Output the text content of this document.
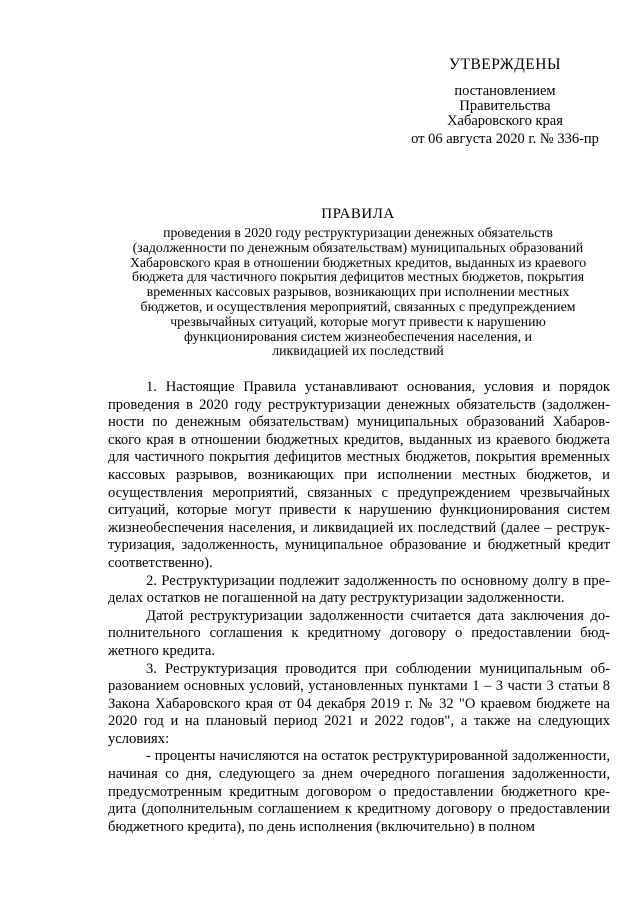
УТВЕРЖДЕНЫ
постановлением
Правительства
Хабаровского края
от 06 августа 2020 г. № 336-пр
ПРАВИЛА
проведения в 2020 году реструктуризации денежных обязательств
(задолженности по денежным обязательствам) муниципальных образований
Хабаровского края в отношении бюджетных кредитов, выданных из краевого
бюджета для частичного покрытия дефицитов местных бюджетов, покрытия
временных кассовых разрывов, возникающих при исполнении местных
бюджетов, и осуществления мероприятий, связанных с предупреждением
чрезвычайных ситуаций, которые могут привести к нарушению
функционирования систем жизнеобеспечения населения, и
ликвидацией их последствий

1. Настоящие Правила устанавливают основания, условия и порядок проведения в 2020 году реструктуризации денежных обязательств (задолженности по денежным обязательствам) муниципальных образований Хабаровского края в отношении бюджетных кредитов, выданных из краевого бюджета для частичного покрытия дефицитов местных бюджетов, покрытия временных кассовых разрывов, возникающих при исполнении местных бюджетов, и осуществления мероприятий, связанных с предупреждением чрезвычайных ситуаций, которые могут привести к нарушению функционирования систем жизнеобеспечения населения, и ликвидацией их последствий (далее – реструктуризация, задолженность, муниципальное образование и бюджетный кредит соответственно).

2. Реструктуризации подлежит задолженность по основному долгу в пределах остатков не погашенной на дату реструктуризации задолженности.

Датой реструктуризации задолженности считается дата заключения дополнительного соглашения к кредитному договору о предоставлении бюджетного кредита.

3. Реструктуризация проводится при соблюдении муниципальным образованием основных условий, установленных пунктами 1 – 3 части 3 статьи 8 Закона Хабаровского края от 04 декабря 2019 г. № 32 "О краевом бюджете на 2020 год и на плановый период 2021 и 2022 годов", а также на следующих условиях:

- проценты начисляются на остаток реструктурированной задолженности, начиная со дня, следующего за днем очередного погашения задолженности, предусмотренным кредитным договором о предоставлении бюджетного кредита (дополнительным соглашением к кредитному договору о предоставлении бюджетного кредита), по день исполнения (включительно) в полном
